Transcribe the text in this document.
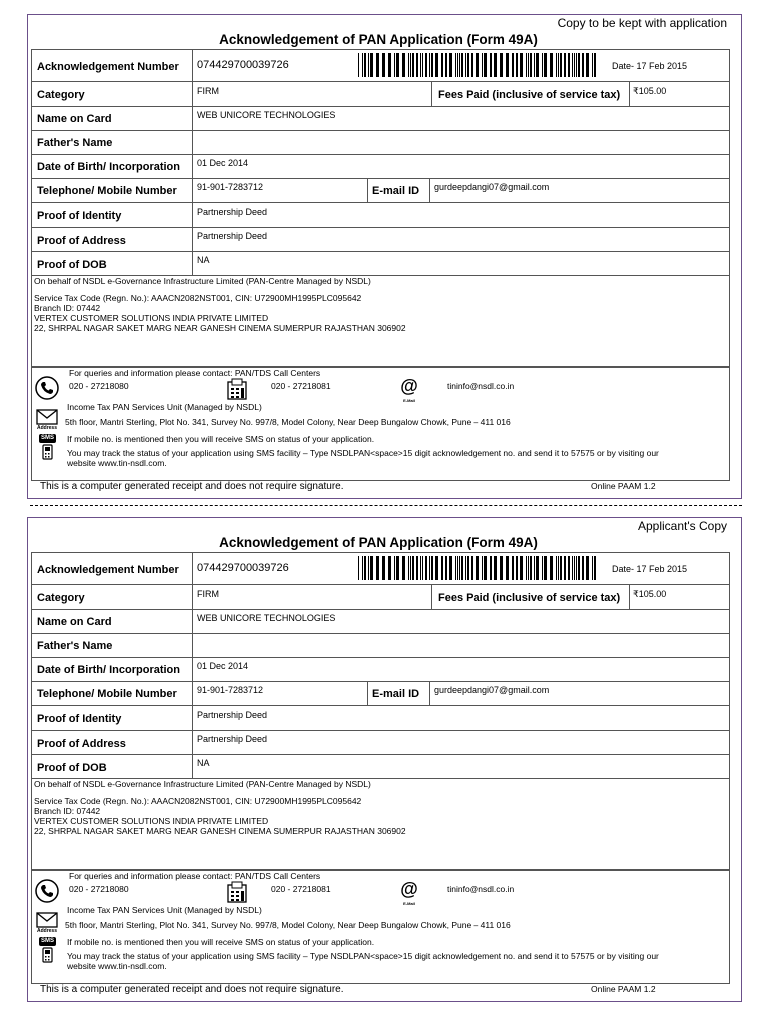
Copy to be kept with application
Acknowledgement of PAN Application (Form 49A)
Acknowledgement Number 074429700039726	Date- 17 Feb 2015
Category	FIRM	Fees Paid (inclusive of service tax) ₹105.00
Name on Card	WEB UNICORE TECHNOLOGIES
Father's Name
Date of Birth/ Incorporation 01 Dec 2014
Telephone/ Mobile Number 91-901-7283712	E-mail ID gurdeepdangi07@gmail.com
Proof of Identity	Partnership Deed
Proof of Address	Partnership Deed
Proof of DOB	NA
On behalf of NSDL e-Governance Infrastructure Limited (PAN-Centre Managed by NSDL)
Service Tax Code (Regn. No.): AAACN2082NST001, CIN: U72900MH1995PLC095642
Branch ID: 07442
VERTEX CUSTOMER SOLUTIONS INDIA PRIVATE LIMITED
22, SHRPAL NAGAR SAKET MARG NEAR GANESH CINEMA SUMERPUR RAJASTHAN 306902
For queries and information please contact: PAN/TDS Call Centers
020 - 27218080	020 - 27218081	@
E-Mail
tininfo@nsdl.co.in
Income Tax PAN Services Unit (Managed by NSDL)
Address
5th floor, Mantri Sterling, Plot No. 341, Survey No. 997/8, Model Colony, Near Deep Bungalow Chowk, Pune – 411 016
SMS If mobile no. is mentioned then you will receive SMS on status of your application.
You may track the status of your application using SMS facility – Type NSDLPAN<space>15 digit acknowledgement no. and send it to 57575 or by visiting our
website www.tin-nsdl.com.
This is a computer generated receipt and does not require signature.	Online PAAM 1.2
Applicant's Copy
Acknowledgement of PAN Application (Form 49A)
Acknowledgement Number 074429700039726	Date- 17 Feb 2015
Category	FIRM	Fees Paid (inclusive of service tax) ₹105.00
Name on Card	WEB UNICORE TECHNOLOGIES
Father's Name
Date of Birth/ Incorporation 01 Dec 2014
Telephone/ Mobile Number 91-901-7283712	E-mail ID gurdeepdangi07@gmail.com
Proof of Identity	Partnership Deed
Proof of Address	Partnership Deed
Proof of DOB	NA
On behalf of NSDL e-Governance Infrastructure Limited (PAN-Centre Managed by NSDL)
Service Tax Code (Regn. No.): AAACN2082NST001, CIN: U72900MH1995PLC095642
Branch ID: 07442
VERTEX CUSTOMER SOLUTIONS INDIA PRIVATE LIMITED
22, SHRPAL NAGAR SAKET MARG NEAR GANESH CINEMA SUMERPUR RAJASTHAN 306902
For queries and information please contact: PAN/TDS Call Centers
020 - 27218080	020 - 27218081	@
E-Mail
tininfo@nsdl.co.in
Income Tax PAN Services Unit (Managed by NSDL)
Address
5th floor, Mantri Sterling, Plot No. 341, Survey No. 997/8, Model Colony, Near Deep Bungalow Chowk, Pune – 411 016
SMS If mobile no. is mentioned then you will receive SMS on status of your application.
You may track the status of your application using SMS facility – Type NSDLPAN<space>15 digit acknowledgement no. and send it to 57575 or by visiting our
website www.tin-nsdl.com.
This is a computer generated receipt and does not require signature.	Online PAAM 1.2
